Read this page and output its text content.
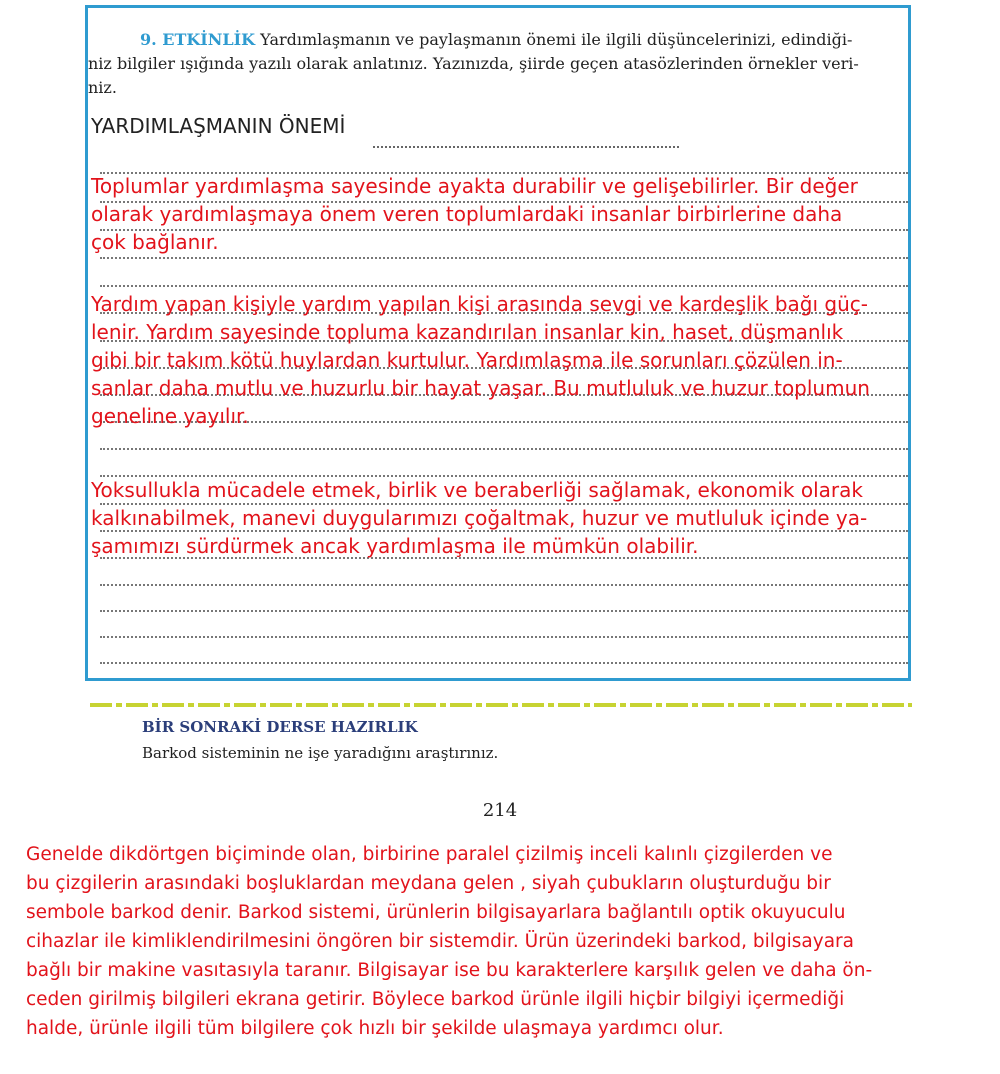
9. ETKİNLİK Yardımlaşmanın ve paylaşmanın önemi ile ilgili düşüncelerinizi, edindiği-
niz bilgiler ışığında yazılı olarak anlatınız. Yazınızda, şiirde geçen atasözlerinden örnekler veri-
niz.
YARDIMLAŞMANIN ÖNEMİ
Toplumlar yardımlaşma sayesinde ayakta durabilir ve gelişebilirler. Bir değer
olarak yardımlaşmaya önem veren toplumlardaki insanlar birbirlerine daha
çok bağlanır.
Yardım yapan kişiyle yardım yapılan kişi arasında sevgi ve kardeşlik bağı güç-
lenir. Yardım sayesinde topluma kazandırılan insanlar kin, haset, düşmanlık
gibi bir takım kötü huylardan kurtulur. Yardımlaşma ile sorunları çözülen in-
sanlar daha mutlu ve huzurlu bir hayat yaşar. Bu mutluluk ve huzur toplumun
geneline yayılır.
Yoksullukla mücadele etmek, birlik ve beraberliği sağlamak, ekonomik olarak
kalkınabilmek, manevi duygularımızı çoğaltmak, huzur ve mutluluk içinde ya-
şamımızı sürdürmek ancak yardımlaşma ile mümkün olabilir.
BİR SONRAKİ DERSE HAZIRLIK
Barkod sisteminin ne işe yaradığını araştırınız.
214
Genelde dikdörtgen biçiminde olan, birbirine paralel çizilmiş inceli kalınlı çizgilerden ve
bu çizgilerin arasındaki boşluklardan meydana gelen , siyah çubukların oluşturduğu bir
sembole barkod denir. Barkod sistemi, ürünlerin bilgisayarlara bağlantılı optik okuyuculu
cihazlar ile kimliklendirilmesini öngören bir sistemdir. Ürün üzerindeki barkod, bilgisayara
bağlı bir makine vasıtasıyla taranır. Bilgisayar ise bu karakterlere karşılık gelen ve daha ön-
ceden girilmiş bilgileri ekrana getirir. Böylece barkod ürünle ilgili hiçbir bilgiyi içermediği
halde, ürünle ilgili tüm bilgilere çok hızlı bir şekilde ulaşmaya yardımcı olur.
